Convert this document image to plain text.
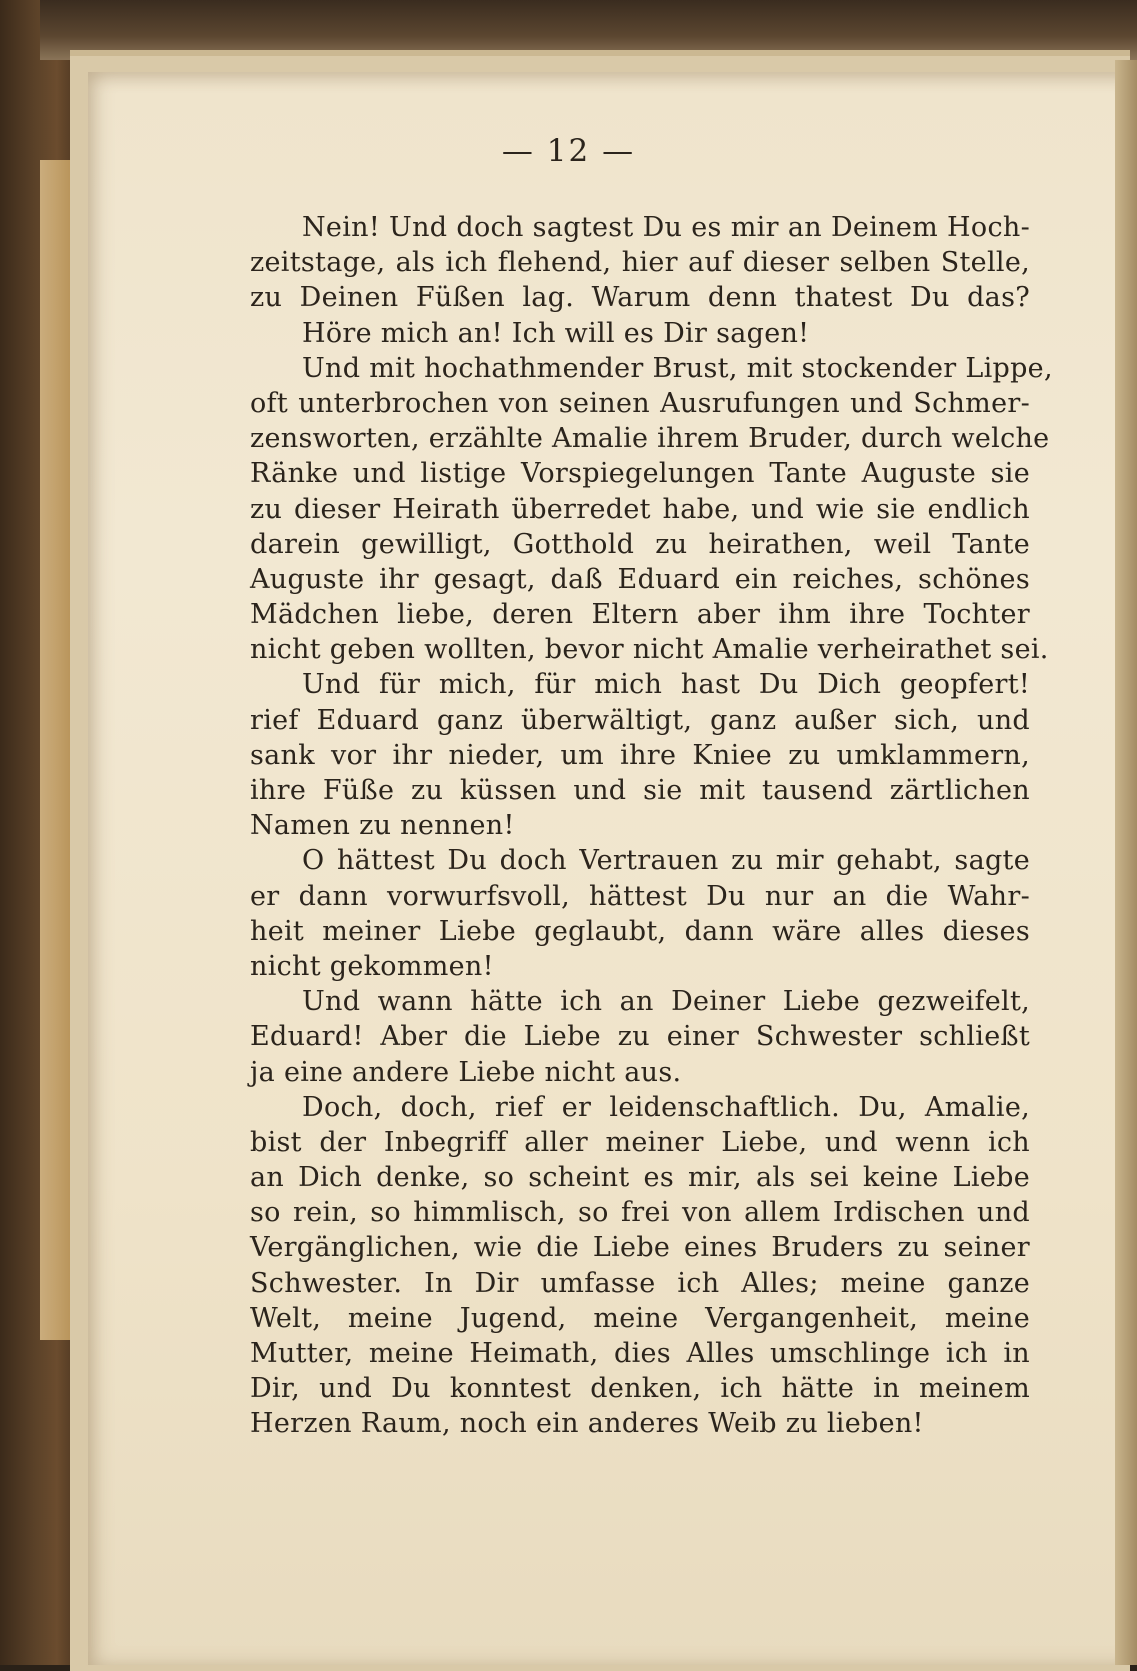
— 12 —
Nein! Und doch sagtest Du es mir an Deinem Hoch-
zeitstage, als ich flehend, hier auf dieser selben Stelle,
zu Deinen Füßen lag. Warum denn thatest Du das?
Höre mich an! Ich will es Dir sagen!
Und mit hochathmender Brust, mit stockender Lippe,
oft unterbrochen von seinen Ausrufungen und Schmer-
zensworten, erzählte Amalie ihrem Bruder, durch welche
Ränke und listige Vorspiegelungen Tante Auguste sie
zu dieser Heirath überredet habe, und wie sie endlich
darein gewilligt, Gotthold zu heirathen, weil Tante
Auguste ihr gesagt, daß Eduard ein reiches, schönes
Mädchen liebe, deren Eltern aber ihm ihre Tochter
nicht geben wollten, bevor nicht Amalie verheirathet sei.
Und für mich, für mich hast Du Dich geopfert!
rief Eduard ganz überwältigt, ganz außer sich, und
sank vor ihr nieder, um ihre Kniee zu umklammern,
ihre Füße zu küssen und sie mit tausend zärtlichen
Namen zu nennen!
O hättest Du doch Vertrauen zu mir gehabt, sagte
er dann vorwurfsvoll, hättest Du nur an die Wahr-
heit meiner Liebe geglaubt, dann wäre alles dieses
nicht gekommen!
Und wann hätte ich an Deiner Liebe gezweifelt,
Eduard! Aber die Liebe zu einer Schwester schließt
ja eine andere Liebe nicht aus.
Doch, doch, rief er leidenschaftlich. Du, Amalie,
bist der Inbegriff aller meiner Liebe, und wenn ich
an Dich denke, so scheint es mir, als sei keine Liebe
so rein, so himmlisch, so frei von allem Irdischen und
Vergänglichen, wie die Liebe eines Bruders zu seiner
Schwester. In Dir umfasse ich Alles; meine ganze
Welt, meine Jugend, meine Vergangenheit, meine
Mutter, meine Heimath, dies Alles umschlinge ich in
Dir, und Du konntest denken, ich hätte in meinem
Herzen Raum, noch ein anderes Weib zu lieben!
